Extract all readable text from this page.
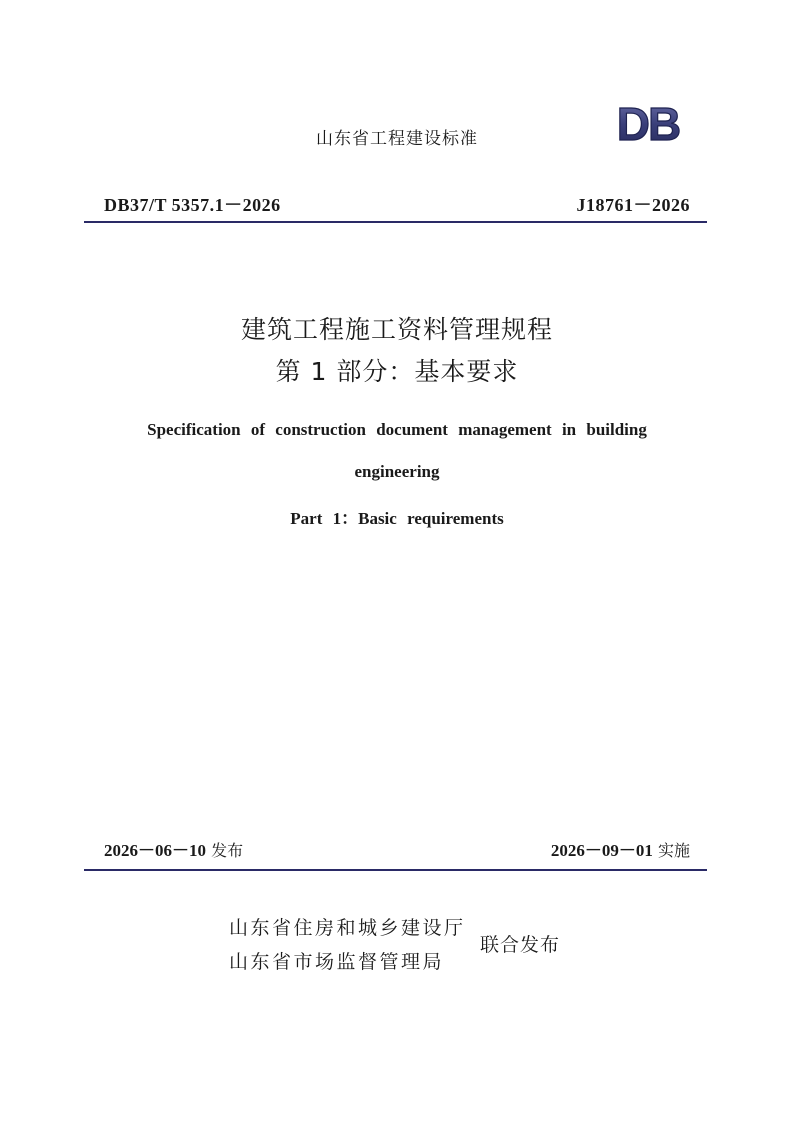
山东省工程建设标准	DB
DB37/T 5357.1－2026	J18761－2026
建筑工程施工资料管理规程
第 1 部分：基本要求
Specification of construction document management in building
engineering
Part 1：Basic requirements
2026－06－10 发布	2026－09－01 实施
山东省住房和城乡建设厅
山东省市场监督管理局
联合发布
